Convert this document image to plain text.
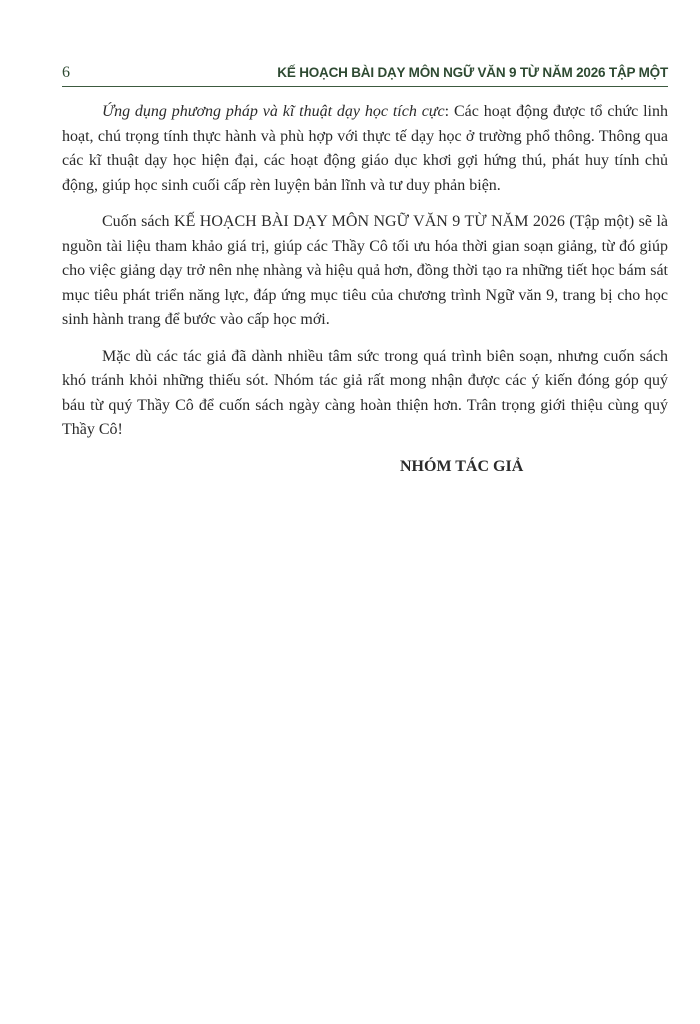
6	KẾ HOẠCH BÀI DẠY MÔN NGỮ VĂN 9 TỪ NĂM 2026 TẬP MỘT

Ứng dụng phương pháp và kĩ thuật dạy học tích cực: Các hoạt động được tổ chức linh hoạt, chú trọng tính thực hành và phù hợp với thực tế dạy học ở trường phổ thông. Thông qua các kĩ thuật dạy học hiện đại, các hoạt động giáo dục khơi gợi hứng thú, phát huy tính chủ động, giúp học sinh cuối cấp rèn luyện bản lĩnh và tư duy phản biện.

Cuốn sách KẾ HOẠCH BÀI DẠY MÔN NGỮ VĂN 9 TỪ NĂM 2026 (Tập một) sẽ là nguồn tài liệu tham khảo giá trị, giúp các Thầy Cô tối ưu hóa thời gian soạn giảng, từ đó giúp cho việc giảng dạy trở nên nhẹ nhàng và hiệu quả hơn, đồng thời tạo ra những tiết học bám sát mục tiêu phát triển năng lực, đáp ứng mục tiêu của chương trình Ngữ văn 9, trang bị cho học sinh hành trang để bước vào cấp học mới.

Mặc dù các tác giả đã dành nhiều tâm sức trong quá trình biên soạn, nhưng cuốn sách khó tránh khỏi những thiếu sót. Nhóm tác giả rất mong nhận được các ý kiến đóng góp quý báu từ quý Thầy Cô để cuốn sách ngày càng hoàn thiện hơn. Trân trọng giới thiệu cùng quý Thầy Cô!

NHÓM TÁC GIẢ
